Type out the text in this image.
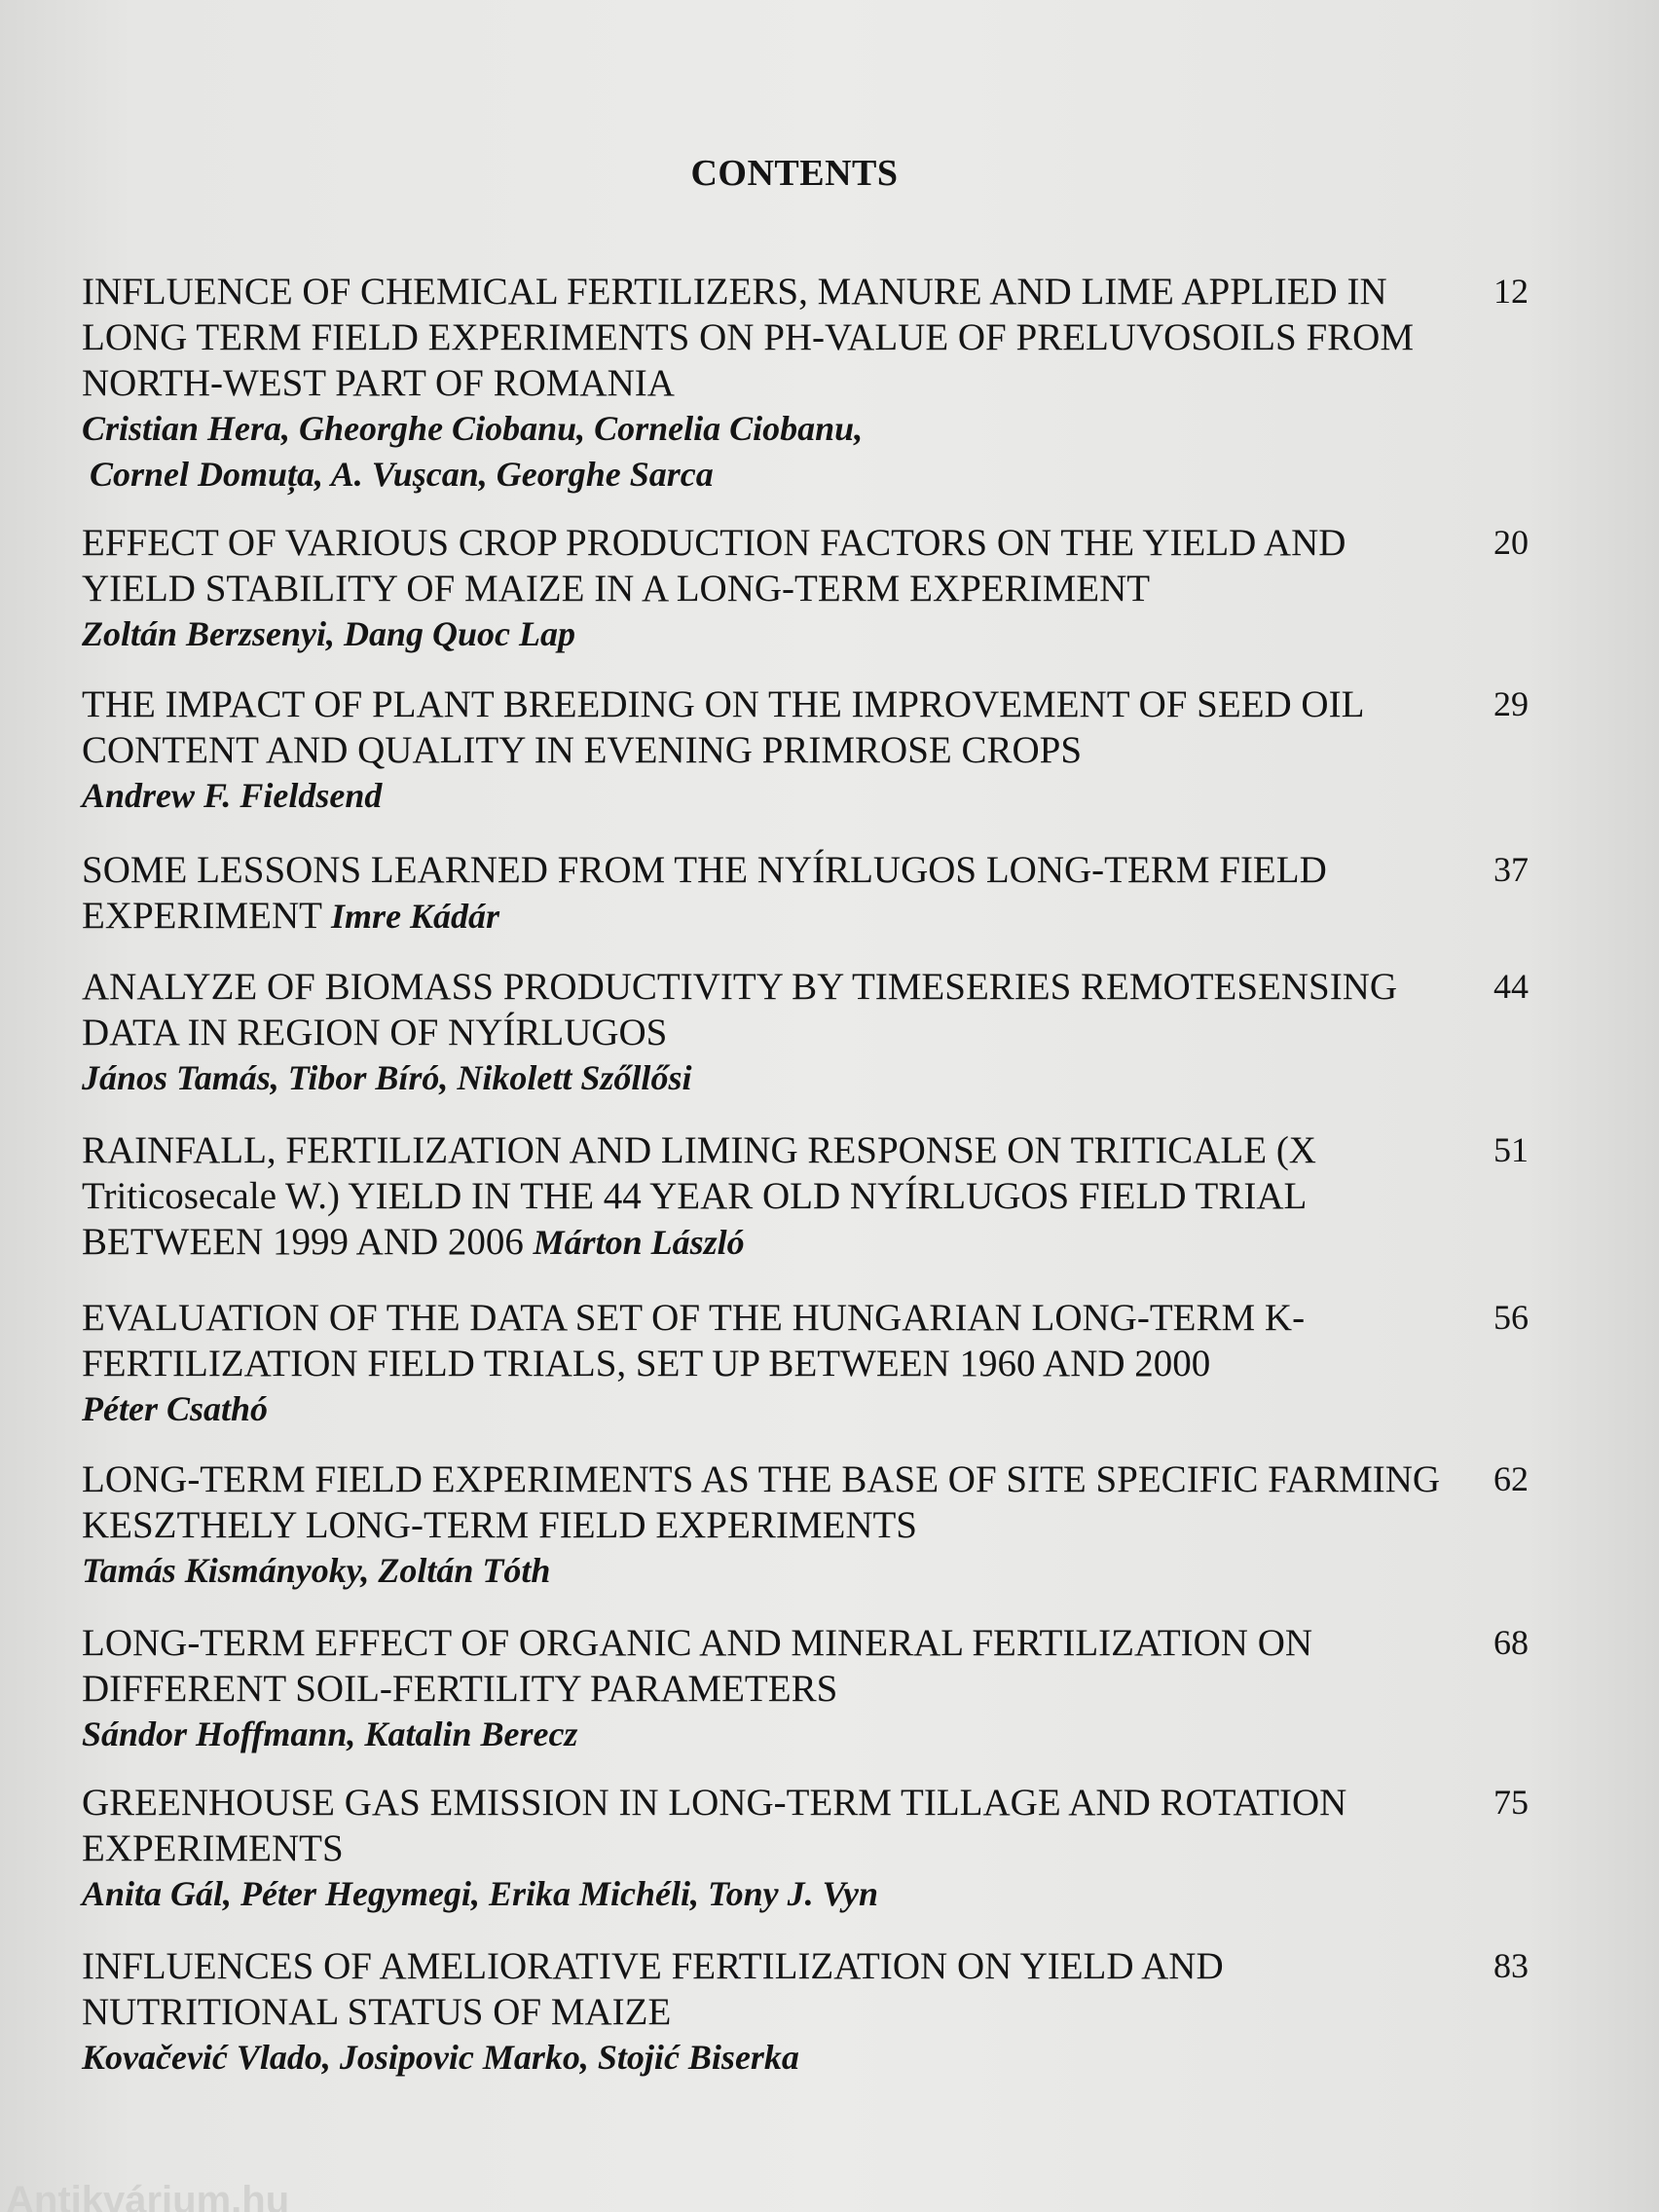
CONTENTS
INFLUENCE OF CHEMICAL FERTILIZERS, MANURE AND LIME APPLIED IN LONG TERM FIELD EXPERIMENTS ON PH-VALUE OF PRELUVOSOILS FROM NORTH-WEST PART OF ROMANIA
Cristian Hera, Gheorghe Ciobanu, Cornelia Ciobanu,
Cornel Domuța, A. Vuşcan, Georghe Sarca
12
EFFECT OF VARIOUS CROP PRODUCTION FACTORS ON THE YIELD AND YIELD STABILITY OF MAIZE IN A LONG-TERM EXPERIMENT
Zoltán Berzsenyi, Dang Quoc Lap
20
THE IMPACT OF PLANT BREEDING ON THE IMPROVEMENT OF SEED OIL CONTENT AND QUALITY IN EVENING PRIMROSE CROPS
Andrew F. Fieldsend
29
SOME LESSONS LEARNED FROM THE NYÍRLUGOS LONG-TERM FIELD EXPERIMENT Imre Kádár
37
ANALYZE OF BIOMASS PRODUCTIVITY BY TIMESERIES REMOTESENSING DATA IN REGION OF NYÍRLUGOS
János Tamás, Tibor Bíró, Nikolett Szőllősi
44
RAINFALL, FERTILIZATION AND LIMING RESPONSE ON TRITICALE (X Triticosecale W.) YIELD IN THE 44 YEAR OLD NYÍRLUGOS FIELD TRIAL BETWEEN 1999 AND 2006 Márton László
51
EVALUATION OF THE DATA SET OF THE HUNGARIAN LONG-TERM K-FERTILIZATION FIELD TRIALS, SET UP BETWEEN 1960 AND 2000
Péter Csathó
56
LONG-TERM FIELD EXPERIMENTS AS THE BASE OF SITE SPECIFIC FARMING KESZTHELY LONG-TERM FIELD EXPERIMENTS
Tamás Kismányoky, Zoltán Tóth
62
LONG-TERM EFFECT OF ORGANIC AND MINERAL FERTILIZATION ON DIFFERENT SOIL-FERTILITY PARAMETERS
Sándor Hoffmann, Katalin Berecz
68
GREENHOUSE GAS EMISSION IN LONG-TERM TILLAGE AND ROTATION EXPERIMENTS
Anita Gál, Péter Hegymegi, Erika Michéli, Tony J. Vyn
75
INFLUENCES OF AMELIORATIVE FERTILIZATION ON YIELD AND NUTRITIONAL STATUS OF MAIZE
Kovačević Vlado, Josipovic Marko, Stojić Biserka
83
Antikvárium.hu
